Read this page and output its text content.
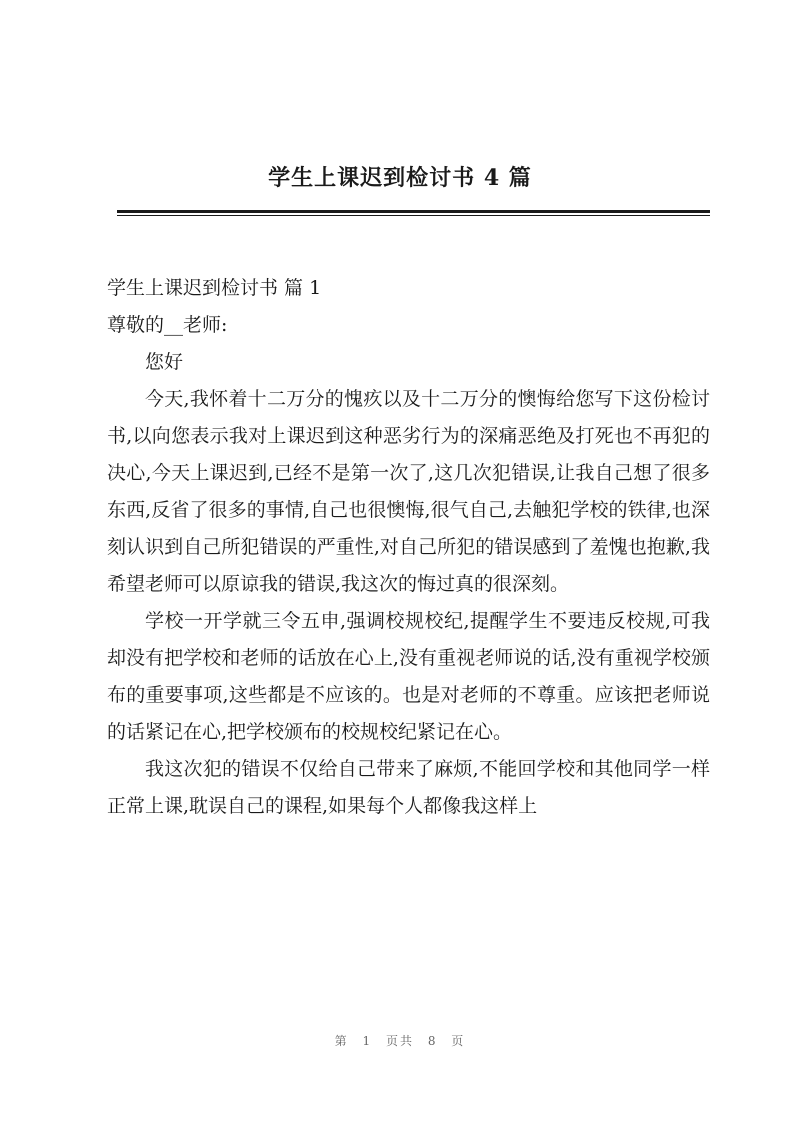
学生上课迟到检讨书 4 篇

学生上课迟到检讨书 篇 1

尊敬的__老师:

您好

今天,我怀着十二万分的愧疚以及十二万分的懊悔给您写下这份检讨书,以向您表示我对上课迟到这种恶劣行为的深痛恶绝及打死也不再犯的决心,今天上课迟到,已经不是第一次了,这几次犯错误,让我自己想了很多东西,反省了很多的事情,自己也很懊悔,很气自己,去触犯学校的铁律,也深刻认识到自己所犯错误的严重性,对自己所犯的错误感到了羞愧也抱歉,我希望老师可以原谅我的错误,我这次的悔过真的很深刻。

学校一开学就三令五申,强调校规校纪,提醒学生不要违反校规,可我却没有把学校和老师的话放在心上,没有重视老师说的话,没有重视学校颁布的重要事项,这些都是不应该的。也是对老师的不尊重。应该把老师说的话紧记在心,把学校颁布的校规校纪紧记在心。

我这次犯的错误不仅给自己带来了麻烦,不能回学校和其他同学一样正常上课,耽误自己的课程,如果每个人都像我这样上

第 1 页共 8 页
